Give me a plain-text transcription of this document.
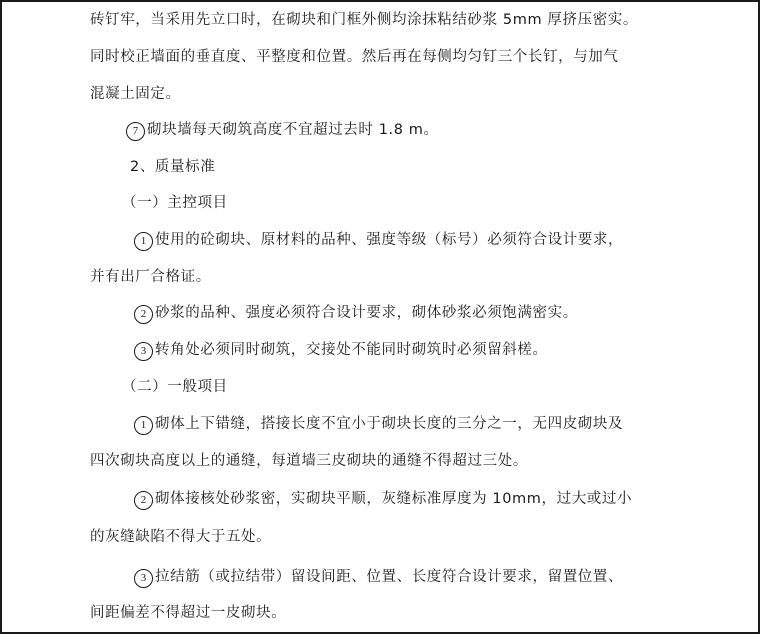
砖钉牢，当采用先立口时，在砌块和门框外侧均涂抹粘结砂浆 5mm 厚挤压密实。
同时校正墙面的垂直度、平整度和位置。然后再在每侧均匀钉三个长钉，与加气
混凝土固定。
7 砌块墙每天砌筑高度不宜超过去时 1.8 m。
2、质量标准
（一）主控项目
1 使用的砼砌块、原材料的品种、强度等级（标号）必须符合设计要求，
并有出厂合格证。
2 砂浆的品种、强度必须符合设计要求，砌体砂浆必须饱满密实。
3 转角处必须同时砌筑，交接处不能同时砌筑时必须留斜槎。
（二）一般项目
1 砌体上下错缝，搭接长度不宜小于砌块长度的三分之一，无四皮砌块及
四次砌块高度以上的通缝，每道墙三皮砌块的通缝不得超过三处。
2 砌体接核处砂浆密，实砌块平顺，灰缝标准厚度为 10mm，过大或过小
的灰缝缺陷不得大于五处。
3 拉结筋（或拉结带）留设间距、位置、长度符合设计要求，留置位置、
间距偏差不得超过一皮砌块。
